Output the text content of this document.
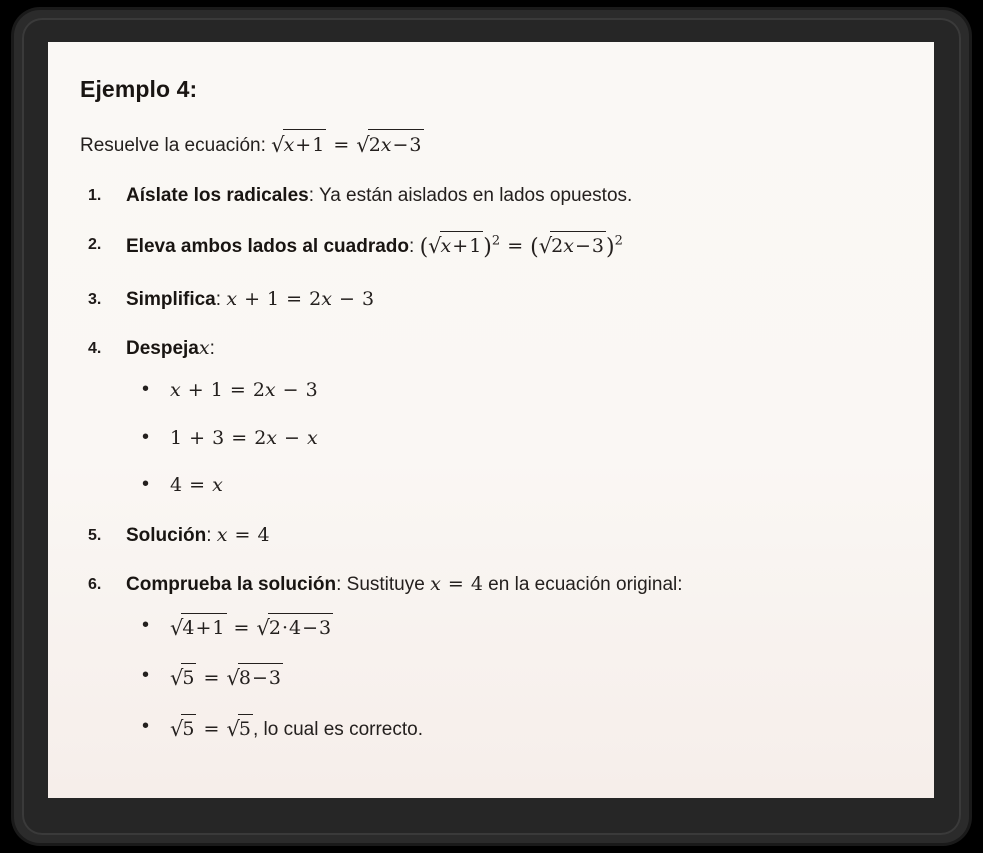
Ejemplo 4:

Resuelve la ecuación: √x+1 = √2x−3

Aíslate los radicales: Ya están aislados en lados opuestos.
Eleva ambos lados al cuadrado: $(√x+1)^2 = (√2x-3)^2$
Simplifica: x + 1 = 2x − 3
Despejax:
• x + 1 = 2x − 3
• 1 + 3 = 2x − x
• 4 = x
Solución: x = 4
Comprueba la solución: Sustituye x = 4 en la ecuación original:
• √4+1 = √2·4−3
• √5 = √8−3
• √5 = √5 , lo cual es correcto.
